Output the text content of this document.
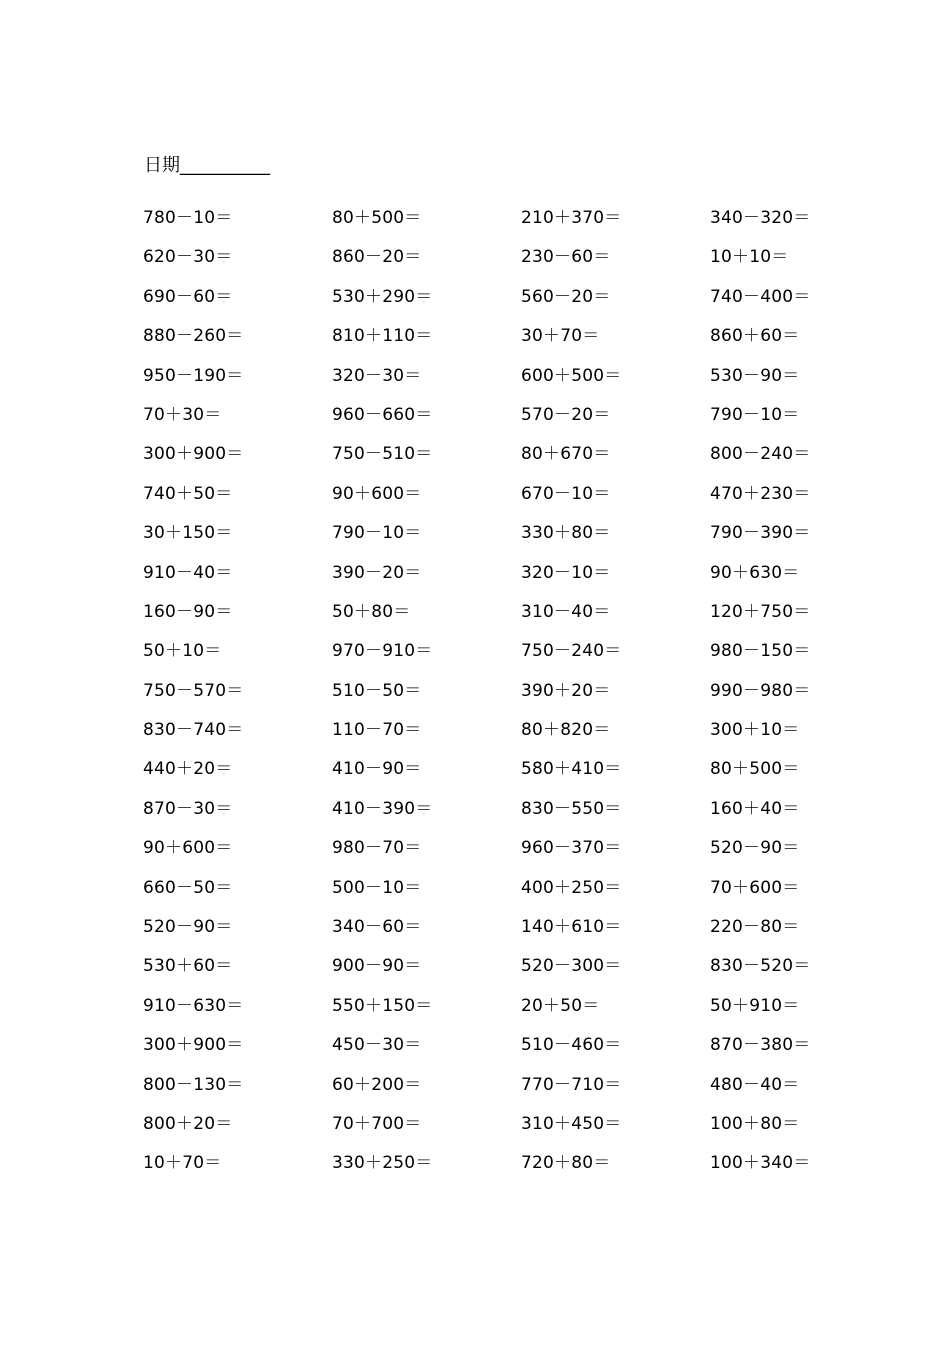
日期__________
780－10＝	80＋500＝	210＋370＝	340－320＝
620－30＝	860－20＝	230－60＝	10＋10＝
690－60＝	530＋290＝	560－20＝	740－400＝
880－260＝	810＋110＝	30＋70＝	860＋60＝
950－190＝	320－30＝	600＋500＝	530－90＝
70＋30＝	960－660＝	570－20＝	790－10＝
300＋900＝	750－510＝	80＋670＝	800－240＝
740＋50＝	90＋600＝	670－10＝	470＋230＝
30＋150＝	790－10＝	330＋80＝	790－390＝
910－40＝	390－20＝	320－10＝	90＋630＝
160－90＝	50＋80＝	310－40＝	120＋750＝
50＋10＝	970－910＝	750－240＝	980－150＝
750－570＝	510－50＝	390＋20＝	990－980＝
830－740＝	110－70＝	80＋820＝	300＋10＝
440＋20＝	410－90＝	580＋410＝	80＋500＝
870－30＝	410－390＝	830－550＝	160＋40＝
90＋600＝	980－70＝	960－370＝	520－90＝
660－50＝	500－10＝	400＋250＝	70＋600＝
520－90＝	340－60＝	140＋610＝	220－80＝
530＋60＝	900－90＝	520－300＝	830－520＝
910－630＝	550＋150＝	20＋50＝	50＋910＝
300＋900＝	450－30＝	510－460＝	870－380＝
800－130＝	60＋200＝	770－710＝	480－40＝
800＋20＝	70＋700＝	310＋450＝	100＋80＝
10＋70＝	330＋250＝	720＋80＝	100＋340＝
